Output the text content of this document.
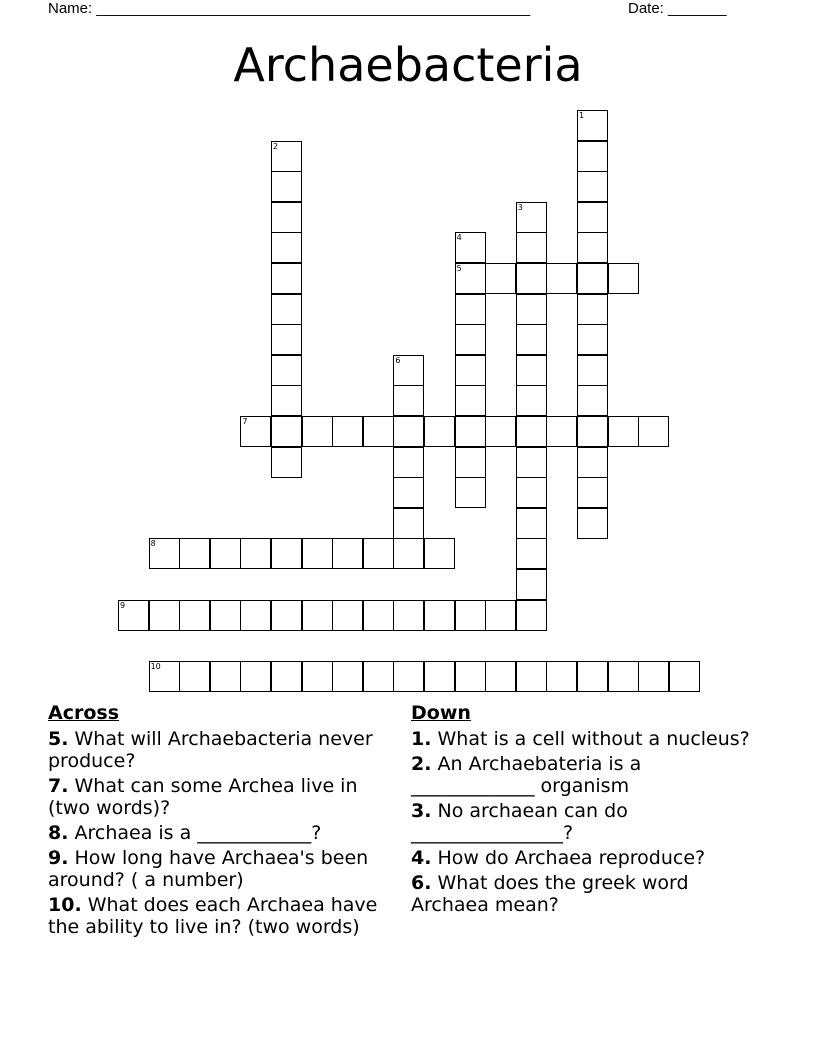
Name: ____________________________________________________	Date: _______
Archaebacteria
1
2
3
4
5
6
7
8
9
10
Across
5. What will Archaebacteria never produce?
7. What can some Archea live in (two words)?
8. Archaea is a ____________?
9. How long have Archaea's been around? ( a number)
10. What does each Archaea have the ability to live in? (two words)
Down
1. What is a cell without a nucleus?
2. An Archaebateria is a _____________ organism
3. No archaean can do ________________?
4. How do Archaea reproduce?
6. What does the greek word Archaea mean?
